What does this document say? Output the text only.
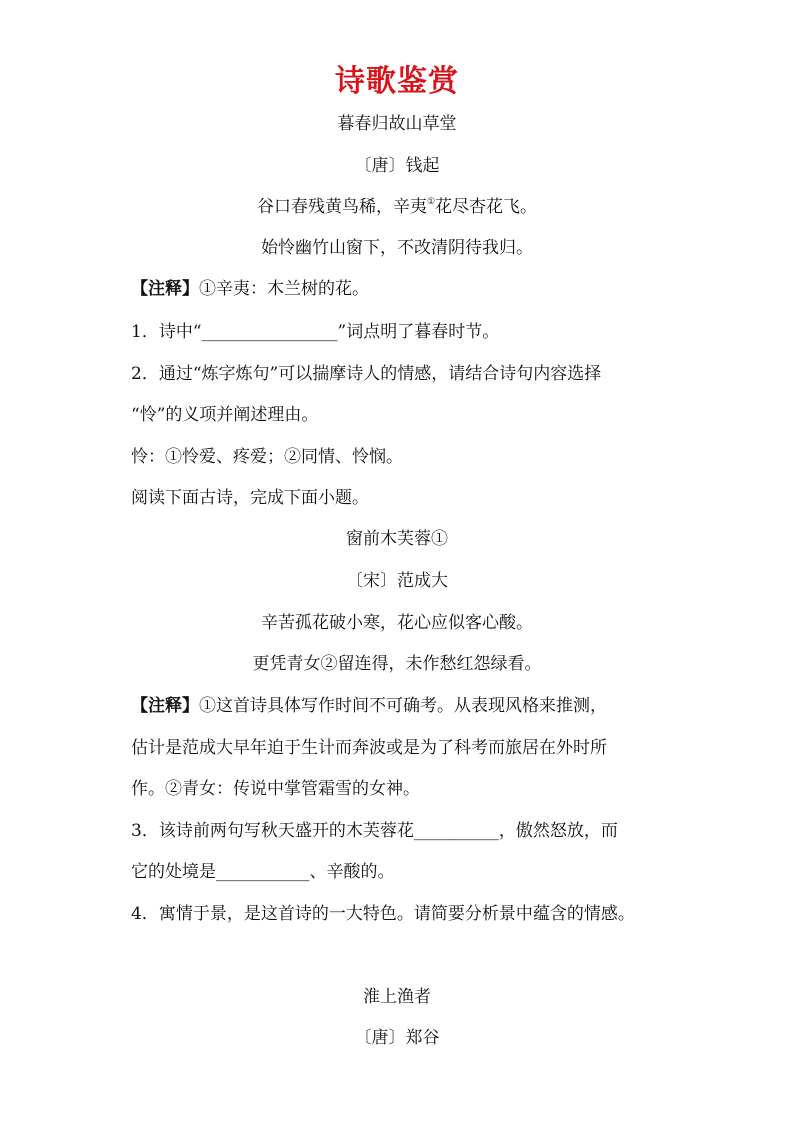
诗歌鉴赏
暮春归故山草堂
〔唐〕钱起
谷口春残黄鸟稀，辛夷①花尽杏花飞。
始怜幽竹山窗下，不改清阴待我归。
【注释】①辛夷：木兰树的花。
1．诗中“________________”词点明了暮春时节。
2．通过“炼字炼句”可以揣摩诗人的情感，请结合诗句内容选择
“怜”的义项并阐述理由。
怜：①怜爱、疼爱；②同情、怜悯。
阅读下面古诗，完成下面小题。
窗前木芙蓉①
〔宋〕范成大
辛苦孤花破小寒，花心应似客心酸。
更凭青女②留连得，未作愁红怨绿看。
【注释】①这首诗具体写作时间不可确考。从表现风格来推测，
估计是范成大早年迫于生计而奔波或是为了科考而旅居在外时所
作。②青女：传说中掌管霜雪的女神。
3．该诗前两句写秋天盛开的木芙蓉花__________，傲然怒放，而
它的处境是___________、辛酸的。
4．寓情于景，是这首诗的一大特色。请简要分析景中蕴含的情感。
淮上渔者
〔唐〕郑谷
